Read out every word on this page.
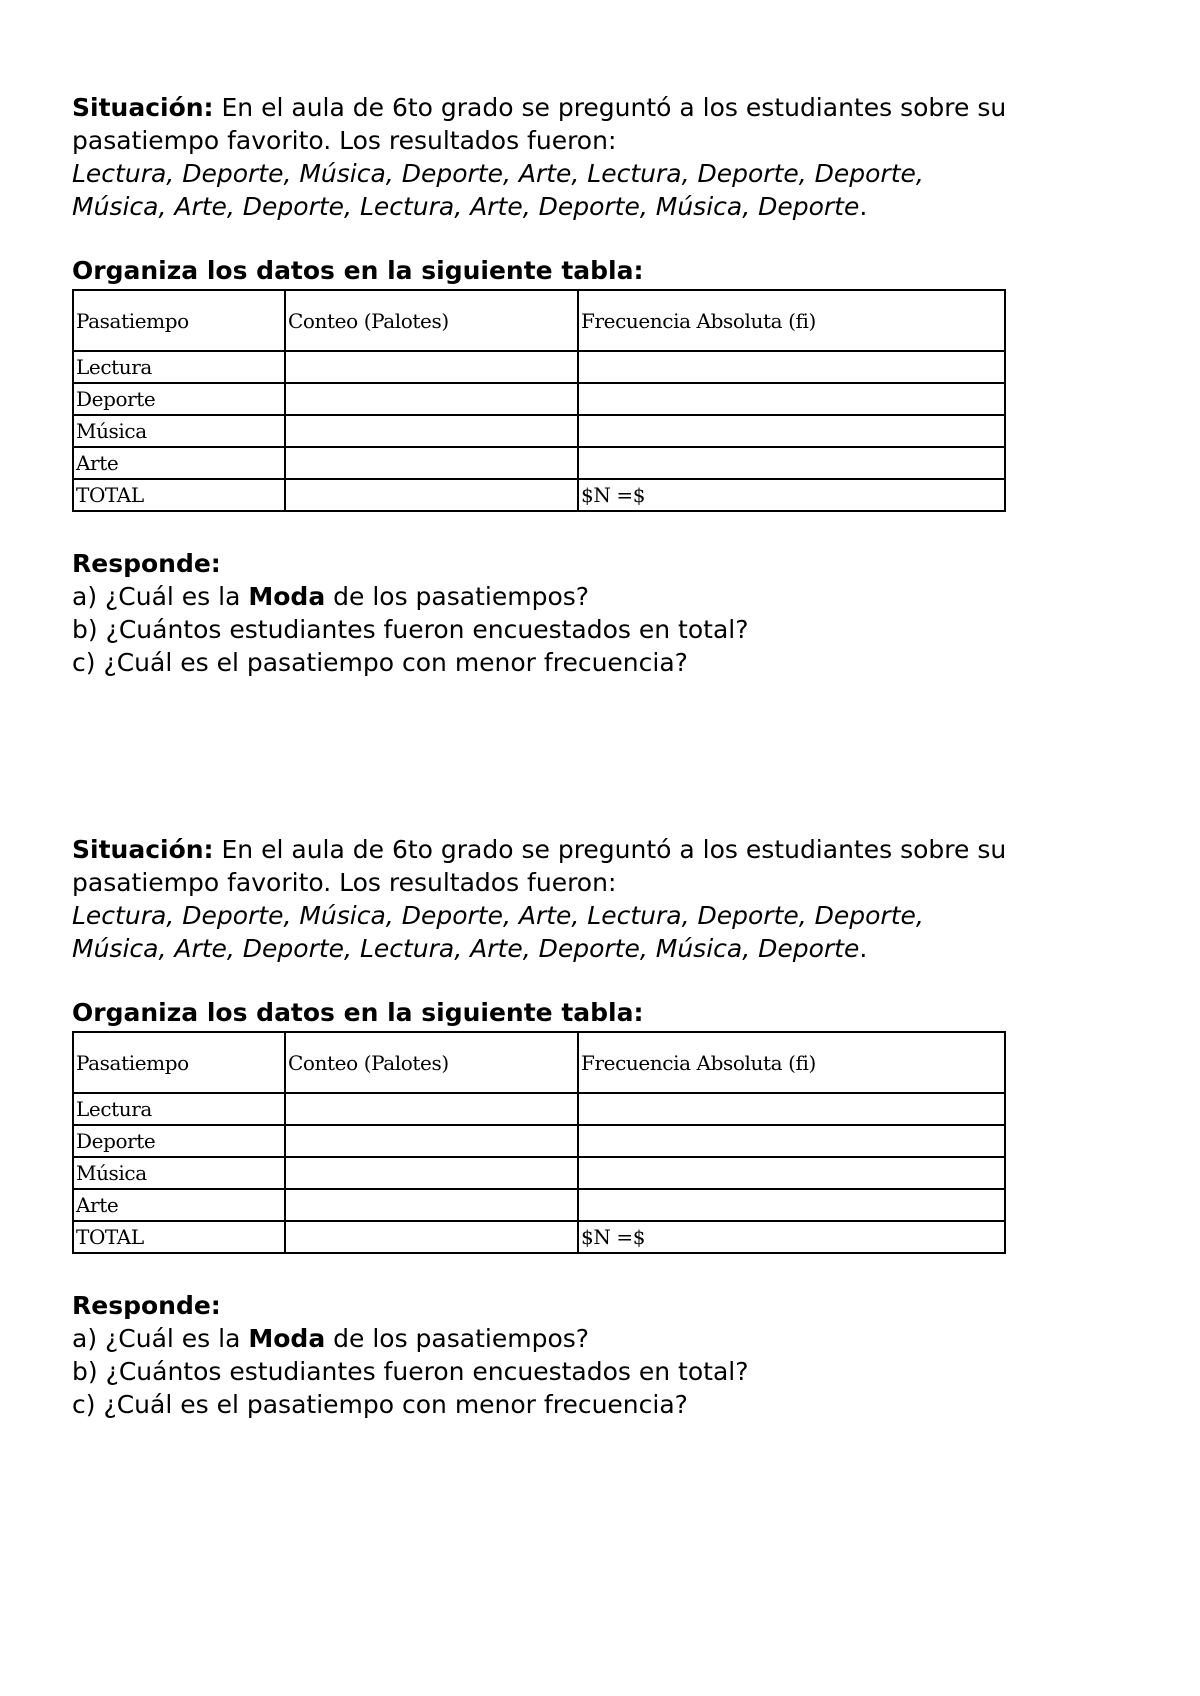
Situación: En el aula de 6to grado se preguntó a los estudiantes sobre su
pasatiempo favorito. Los resultados fueron:
Lectura, Deporte, Música, Deporte, Arte, Lectura, Deporte, Deporte,
Música, Arte, Deporte, Lectura, Arte, Deporte, Música, Deporte.
Organiza los datos en la siguiente tabla:
Pasatiempo	Conteo (Palotes)	Frecuencia Absoluta (fi)
Lectura		
Deporte		
Música		
Arte		
TOTAL		$N =$
Responde:
a) ¿Cuál es la Moda de los pasatiempos?
b) ¿Cuántos estudiantes fueron encuestados en total?
c) ¿Cuál es el pasatiempo con menor frecuencia?
Situación: En el aula de 6to grado se preguntó a los estudiantes sobre su
pasatiempo favorito. Los resultados fueron:
Lectura, Deporte, Música, Deporte, Arte, Lectura, Deporte, Deporte,
Música, Arte, Deporte, Lectura, Arte, Deporte, Música, Deporte.
Organiza los datos en la siguiente tabla:
Pasatiempo	Conteo (Palotes)	Frecuencia Absoluta (fi)
Lectura		
Deporte		
Música		
Arte		
TOTAL		$N =$
Responde:
a) ¿Cuál es la Moda de los pasatiempos?
b) ¿Cuántos estudiantes fueron encuestados en total?
c) ¿Cuál es el pasatiempo con menor frecuencia?
